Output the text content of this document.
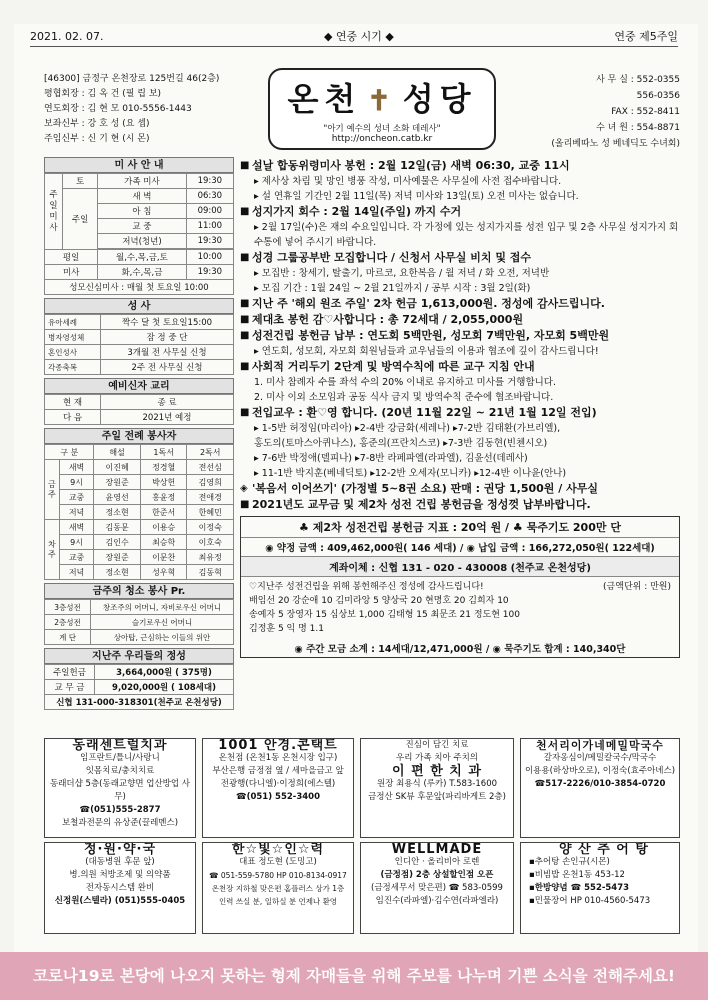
2021. 02. 07.	◆ 연중 시기 ◆	연중 제5주일
[46300] 금정구 온천장로 125번길 46(2층)
평협회장 : 김 옥 건 (필 립 보)
연도회장 : 김 현 모 010-5556-1443
보좌신부 : 강 호 성 (요 셉)
주임신부 : 신 기 현 (시 몬)
온천 ✝ 성당
"아기 예수의 성녀 소화 데레사"
http://oncheon.catb.kr
사 무 실 :
552-0355
556-0356
FAX :
552-8411
수 녀 원 :
554-8871
(올리베따노 성 베네딕도 수녀회)
미 사 안 내
주일미사	토	가족 미사	19:30
	주일	새 벽	06:30
		아 침	09:00
		교 중	11:00
		저녁(청년)	19:30

평일		월,수,목,금,토	10:00
미사		화,수,목,금	19:30
성모신심미사 : 매월 첫 토요일 10:00			
성 사
유아세례	짝수 달 첫 토요일15:00
병자영성체	잠 정 중 단
혼인성사	3개월 전 사무실 신청
각종축복	2주 전 사무실 신청
예비신자 교리
현 재	종 료
다 음	2021년 예정
주일 전례 봉사자
구 분		해설	1독서	2독서
금주	새벽	이진혜	정경혈	전선심
	9시	장원준	박상헌	김영희
	교중	윤영선	홍윤정	전애경
	저녁	정소현	한준서	한혜민
차주	새벽	김동문	이용승	이정숙
	9시	김인수	최승학	이호숙
	교중	장원준	이문찬	최유정
	저녁	정소현	성우혁	김동혁
금주의 청소 봉사 Pr.
3층성전	창조주의 어머니, 자비로우신 어머니
2층성전	슬기로우신 어머니
계 단	상아탑, 근심하는 이들의 위안
지난주 우리들의 정성
주일헌금	3,664,000원 ( 375명)
교 무 금	9,020,000원 ( 108세대)
신협 131-000-318301(천주교 온천성당)	
■ 설날 합동위령미사 봉헌 : 2월 12일(금) 새벽 06:30, 교중 11시
▸ 제사상 차림 및 망인 병풍 작성, 미사예물은 사무실에 사전 접수바랍니다.
▸ 설 연휴일 기간인 2월 11일(목) 저녁 미사와 13일(토) 오전 미사는 없습니다.
■ 성지가지 회수 : 2월 14일(주일) 까지 수거
▸ 2월 17일(수)은 재의 수요일입니다. 각 가정에 있는 성지가지를 성전 입구 및 2층 사무실 성지가지 회수통에 넣어 주시기 바랍니다.
■ 성경 그룹공부반 모집합니다 / 신청서 사무실 비치 및 접수
▸ 모집반 : 창세기, 탈출기, 마르코, 요한복음 / 월 저녁 / 화 오전, 저녁반
▸ 모집 기간 : 1월 24일 ~ 2월 21일까지 / 공부 시작 : 3월 2일(화)
■ 지난 주 '해외 원조 주일' 2차 헌금 1,613,000원. 정성에 감사드립니다.
■ 제대초 봉헌 감♡사합니다 : 총 72세대 / 2,055,000원
■ 성전건립 봉헌금 납부 : 연도회 5백만원, 성모회 7백만원, 자모회 5백만원
▸ 연도회, 성모회, 자모회 회원님들과 교우님들의 이용과 협조에 깊이 감사드립니다!
■ 사회적 거리두기 2단계 및 방역수칙에 따른 교구 지침 안내
1. 미사 참례자 수를 좌석 수의 20% 이내로 유지하고 미사를 거행합니다.
2. 미사 이외 소모임과 공동 식사 금지 및 방역수칙 준수에 협조바랍니다.
■ 전입교우 : 환♡영 합니다. (20년 11월 22일 ~ 21년 1월 12일 전입)
▸ 1-5반 허정임(마리아) ▸2-4반 강금화(세레나) ▸7-2반 김태환(가브리엘),
홍도의(토마스아퀴나스), 홍준의(프란치스코) ▸7-3반 김동현(빈첸시오)
▸ 7-6반 박정애(델피나) ▸7-8반 라페파엘(라파엘), 김윤선(데레사)
▸ 11-1반 박지훈(베네딕토) ▸12-2반 오세자(모니카) ▸12-4반 이나윤(안나)
◈ '복음서 이어쓰기' (가정별 5~8권 소요) 판매 : 권당 1,500원 / 사무실
■ 2021년도 교무금 및 제2차 성전 건립 봉헌금을 정성껏 납부바랍니다.
♣ 제2차 성전건립 봉헌금 지표 : 20억 원 / ♣ 묵주기도 200만 단
◉ 약정 금액 : 409,462,000원( 146 세대) / ◉ 납입 금액 : 166,272,050원( 122세대)
계좌이체 : 신협 131 - 020 - 430008 (천주교 온천성당)
♡지난주 성전건립을 위해 봉헌해주신 정성에 감사드립니다!	(금액단위 : 만원)
배임선 20 강순애 10 김미라앙 5 양상국 20 현명호 20 김희자 10
송예자 5 장영자 15 심상보 1,000 김태형 15 최문조 21 정도현 100
김정훈 5 익 명 1.1
◉ 주간 모금 소계 : 14세대/12,471,000원 / ◉ 묵주기도 합계 : 140,340단
동래센트럴치과
임프란트/틀니/사랑니
잇몸치료/충치치료
동래더샵 5층(동래교향면 업산방업 사무)
☎(051)555-2877
보철과전문의 유상준(끌레멘스)
1001 안경.콘택트
온천점 (온천1동 온천시장 입구)
부산은행 금정점 옆 / 세마을금고 앞
전광행(다니엘)·이정희(에스텔)
☎(051) 552-3400
진심이 담긴 치료
우리 가족 치아 주치의
이 편 한 치 과
원장 최용식 (루카) T.583-1600
금정산 SK뷰 후문앞(파리바게트 2층)
천서리이가네메밀막국수
갈자옹심이/메밀칼국수/막국수
이용용(하상바오로), 이정숙(효주아녜스)
☎517-2226/010-3854-0720
정·원·약·국
(대동병원 후문 앞)
병.의원 처방조제 및 의약품
전자동시스템 완비
신정원(스텔라) (051)555-0405
한☆빛☆인☆력
대표 정도현 (도밍고)
☎ 051-559-5780 HP 010-8134-0917
온천장 지하철 맞은편 홈플러스 상가 1층
인력 쓰실 분, 일하실 분 언제나 환영
WELLMADE
인디안 · 올리비아 로렌
(금정점) 2층 상설할인점 오픈
(금정세무서 맞은편) ☎ 583-0599
임진수(라파엘)·김수연(라파엘라)
양 산 추 어 탕
▪추어탕 손인규(시몬)
▪비빔밥 온천1동 453-12
▪한방양념 ☎ 552-5473
▪민물장어 HP 010-4560-5473
코로나19로 본당에 나오지 못하는 형제 자매들을 위해 주보를 나누며 기쁜 소식을 전해주세요!
